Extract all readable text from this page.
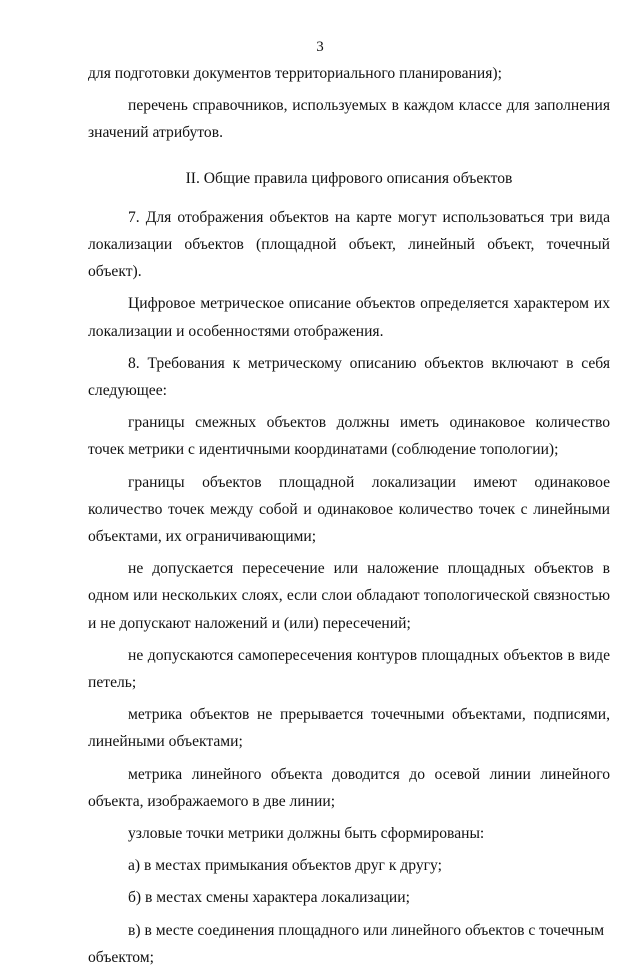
3

для подготовки документов территориального планирования);

перечень справочников, используемых в каждом классе для заполнения значений атрибутов.

II. Общие правила цифрового описания объектов

7. Для отображения объектов на карте могут использоваться три вида локализации объектов (площадной объект, линейный объект, точечный объект).

Цифровое метрическое описание объектов определяется характером их локализации и особенностями отображения.

8. Требования к метрическому описанию объектов включают в себя следующее:

границы смежных объектов должны иметь одинаковое количество точек метрики с идентичными координатами (соблюдение топологии);

границы объектов площадной локализации имеют одинаковое количество точек между собой и одинаковое количество точек с линейными объектами, их ограничивающими;

не допускается пересечение или наложение площадных объектов в одном или нескольких слоях, если слои обладают топологической связностью и не допускают наложений и (или) пересечений;

не допускаются самопересечения контуров площадных объектов в виде петель;

метрика объектов не прерывается точечными объектами, подписями, линейными объектами;

метрика линейного объекта доводится до осевой линии линейного объекта, изображаемого в две линии;

узловые точки метрики должны быть сформированы:

а) в местах примыкания объектов друг к другу;

б) в местах смены характера локализации;

в) в месте соединения площадного или линейного объектов с точечным

объектом;
